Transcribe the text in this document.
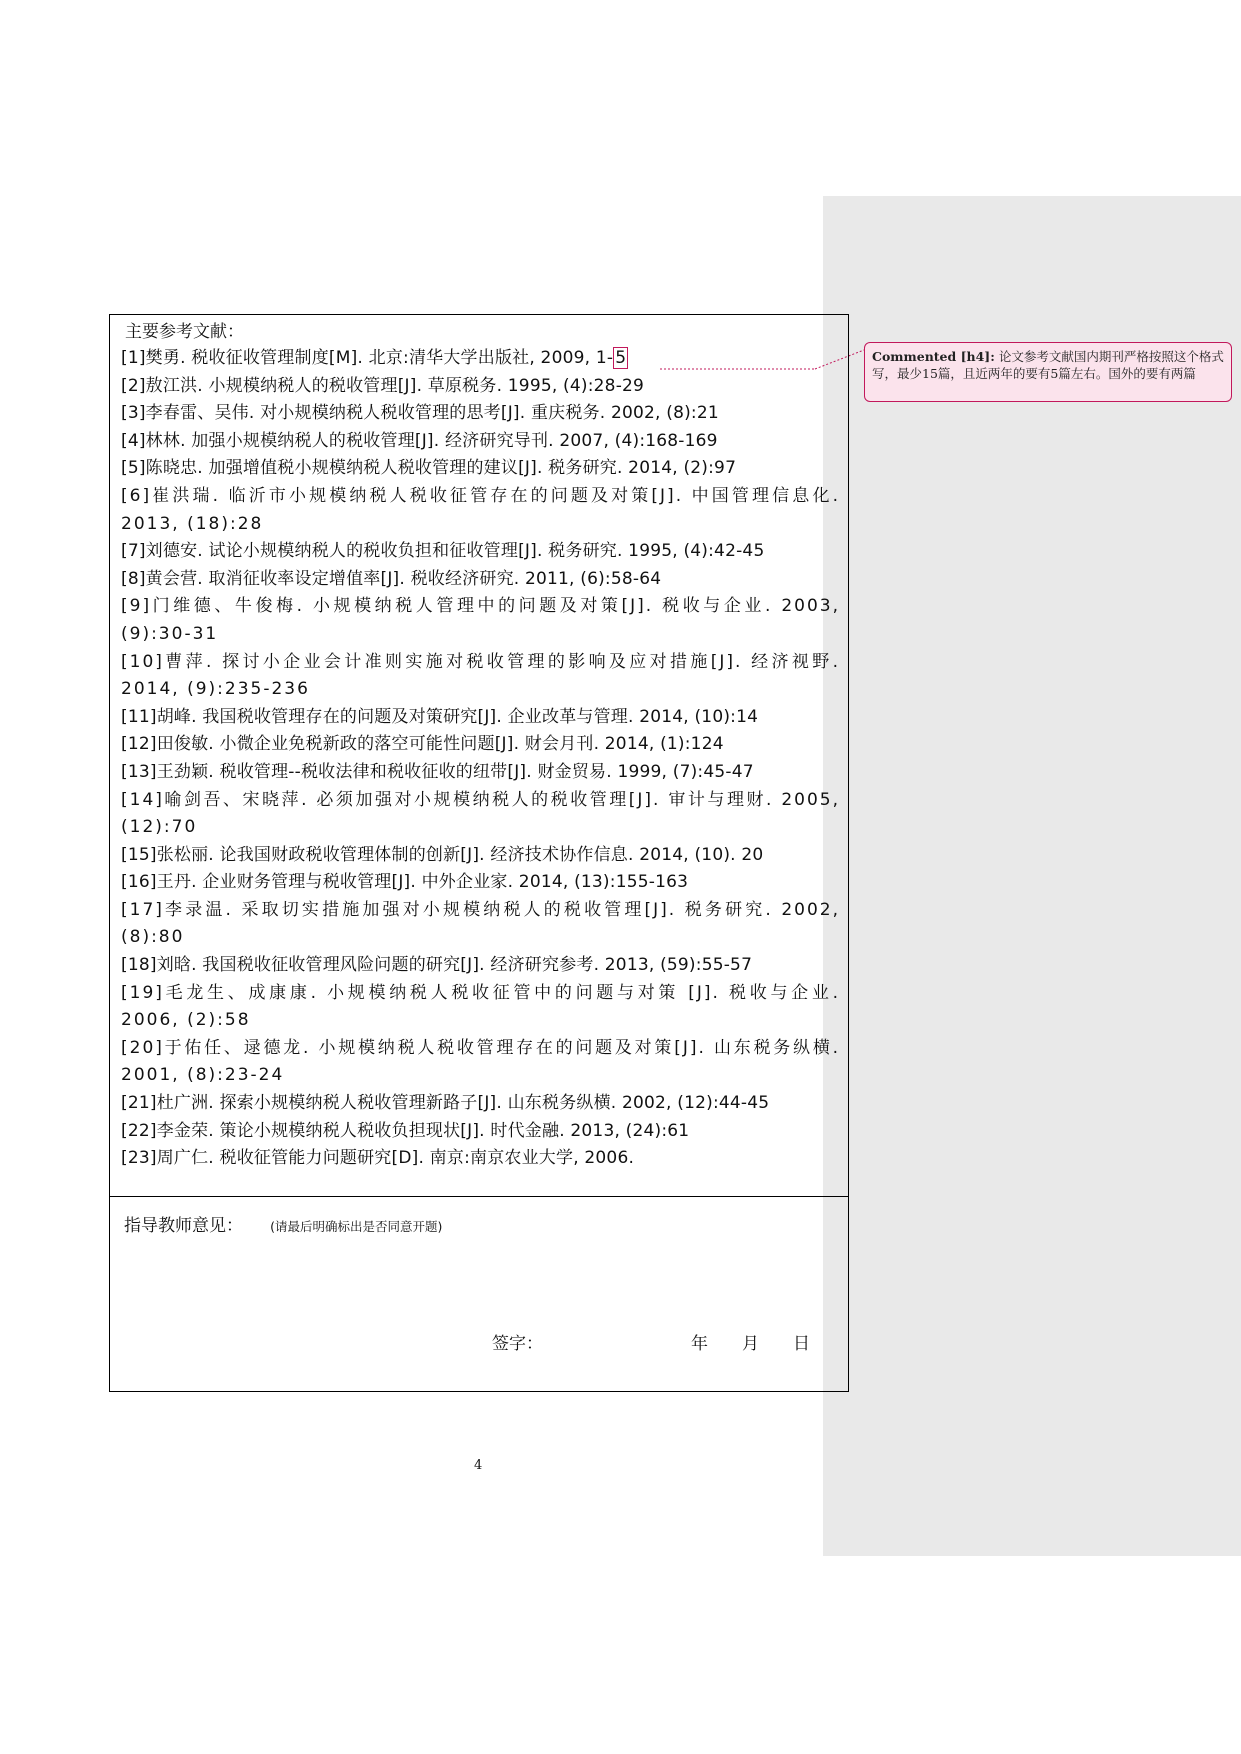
Commented [h4]: 论文参考文献国内期刊严格按照这个格式写，最少15篇，且近两年的要有5篇左右。国外的要有两篇
主要参考文献：
[1]樊勇. 税收征收管理制度[M]. 北京:清华大学出版社, 2009, 1- 5
[2]敖江洪. 小规模纳税人的税收管理[J]. 草原税务. 1995, (4):28-29
[3]李春雷、吴伟. 对小规模纳税人税收管理的思考[J]. 重庆税务. 2002, (8):21
[4]林林. 加强小规模纳税人的税收管理[J]. 经济研究导刊. 2007, (4):168-169
[5]陈晓忠. 加强增值税小规模纳税人税收管理的建议[J]. 税务研究. 2014, (2):97
[6]崔洪瑞. 临沂市小规模纳税人税收征管存在的问题及对策[J]. 中国管理信息化. 2013, (18):28
[7]刘德安. 试论小规模纳税人的税收负担和征收管理[J]. 税务研究. 1995, (4):42-45
[8]黄会营. 取消征收率设定增值率[J]. 税收经济研究. 2011, (6):58-64
[9]门维德、牛俊梅. 小规模纳税人管理中的问题及对策[J]. 税收与企业. 2003, (9):30-31
[10]曹萍. 探讨小企业会计准则实施对税收管理的影响及应对措施[J]. 经济视野. 2014, (9):235-236
[11]胡峰. 我国税收管理存在的问题及对策研究[J]. 企业改革与管理. 2014, (10):14
[12]田俊敏. 小微企业免税新政的落空可能性问题[J]. 财会月刊. 2014, (1):124
[13]王劲颖. 税收管理--税收法律和税收征收的纽带[J]. 财金贸易. 1999, (7):45-47
[14]喻剑吾、宋晓萍. 必须加强对小规模纳税人的税收管理[J]. 审计与理财. 2005, (12):70
[15]张松丽. 论我国财政税收管理体制的创新[J]. 经济技术协作信息. 2014, (10). 20
[16]王丹. 企业财务管理与税收管理[J]. 中外企业家. 2014, (13):155-163
[17]李录温. 采取切实措施加强对小规模纳税人的税收管理[J]. 税务研究. 2002, (8):80
[18]刘晗. 我国税收征收管理风险问题的研究[J]. 经济研究参考. 2013, (59):55-57
[19]毛龙生、成康康. 小规模纳税人税收征管中的问题与对策 [J]. 税收与企业. 2006, (2):58
[20]于佑任、逯德龙. 小规模纳税人税收管理存在的问题及对策[J]. 山东税务纵横. 2001, (8):23-24
[21]杜广洲. 探索小规模纳税人税收管理新路子[J]. 山东税务纵横. 2002, (12):44-45
[22]李金荣. 策论小规模纳税人税收负担现状[J]. 时代金融. 2013, (24):61
[23]周广仁. 税收征管能力问题研究[D]. 南京:南京农业大学, 2006.
指导教师意见： (请最后明确标出是否同意开题)
签字：	年 月 日
4
